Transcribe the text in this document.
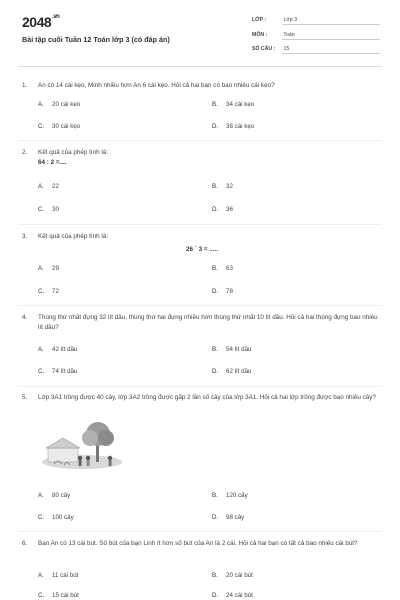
$2048^{.vn}$
Bài tập cuối Tuần 12 Toán lớp 3 (có đáp án)
LỚP :	Lớp 3
MÔN :	Toán
SỐ CÂU : 15
1. An có 14 cái kẹo, Minh nhiều hơn An 6 cái kẹo. Hỏi cả hai bạn có bao nhiêu cái kẹo?
A. 20 cái kẹo	B. 34 cái kẹo
C. 30 cái kẹo	D. 38 cái kẹo
2. Kết quả của phép tính là:
64 : 2 =....
A. 22	B. 32
C. 30	D. 36
3. Kết quả của phép tính là:
26 ´ 3 = .....
A. 29	B. 63
C. 72	D. 78
4. Thùng thứ nhất đựng 32 lít dầu, thùng thứ hai đựng nhiều hơn thùng thứ nhất 10 lít dầu. Hỏi cả hai thùng đựng bao nhiêu lít dầu?
A. 42 lít dầu	B. 54 lít dầu
C. 74 lít dầu	D. 62 lít dầu
5. Lớp 3A1 trồng được 40 cây, lớp 3A2 trồng được gấp 2 lần số cây của lớp 3A1. Hỏi cả hai lớp trồng được bao nhiêu cây?
A. 80 cây	B. 120 cây
C. 100 cây	D. 98 cây
6. Bạn An có 13 cái bút. Số bút của bạn Linh ít hơn số bút của An là 2 cái. Hỏi cả hai bạn có tất cả bao nhiêu cái bút?
A. 11 cái bút	B. 20 cái bút
C. 15 cái bút	D. 24 cái bút
